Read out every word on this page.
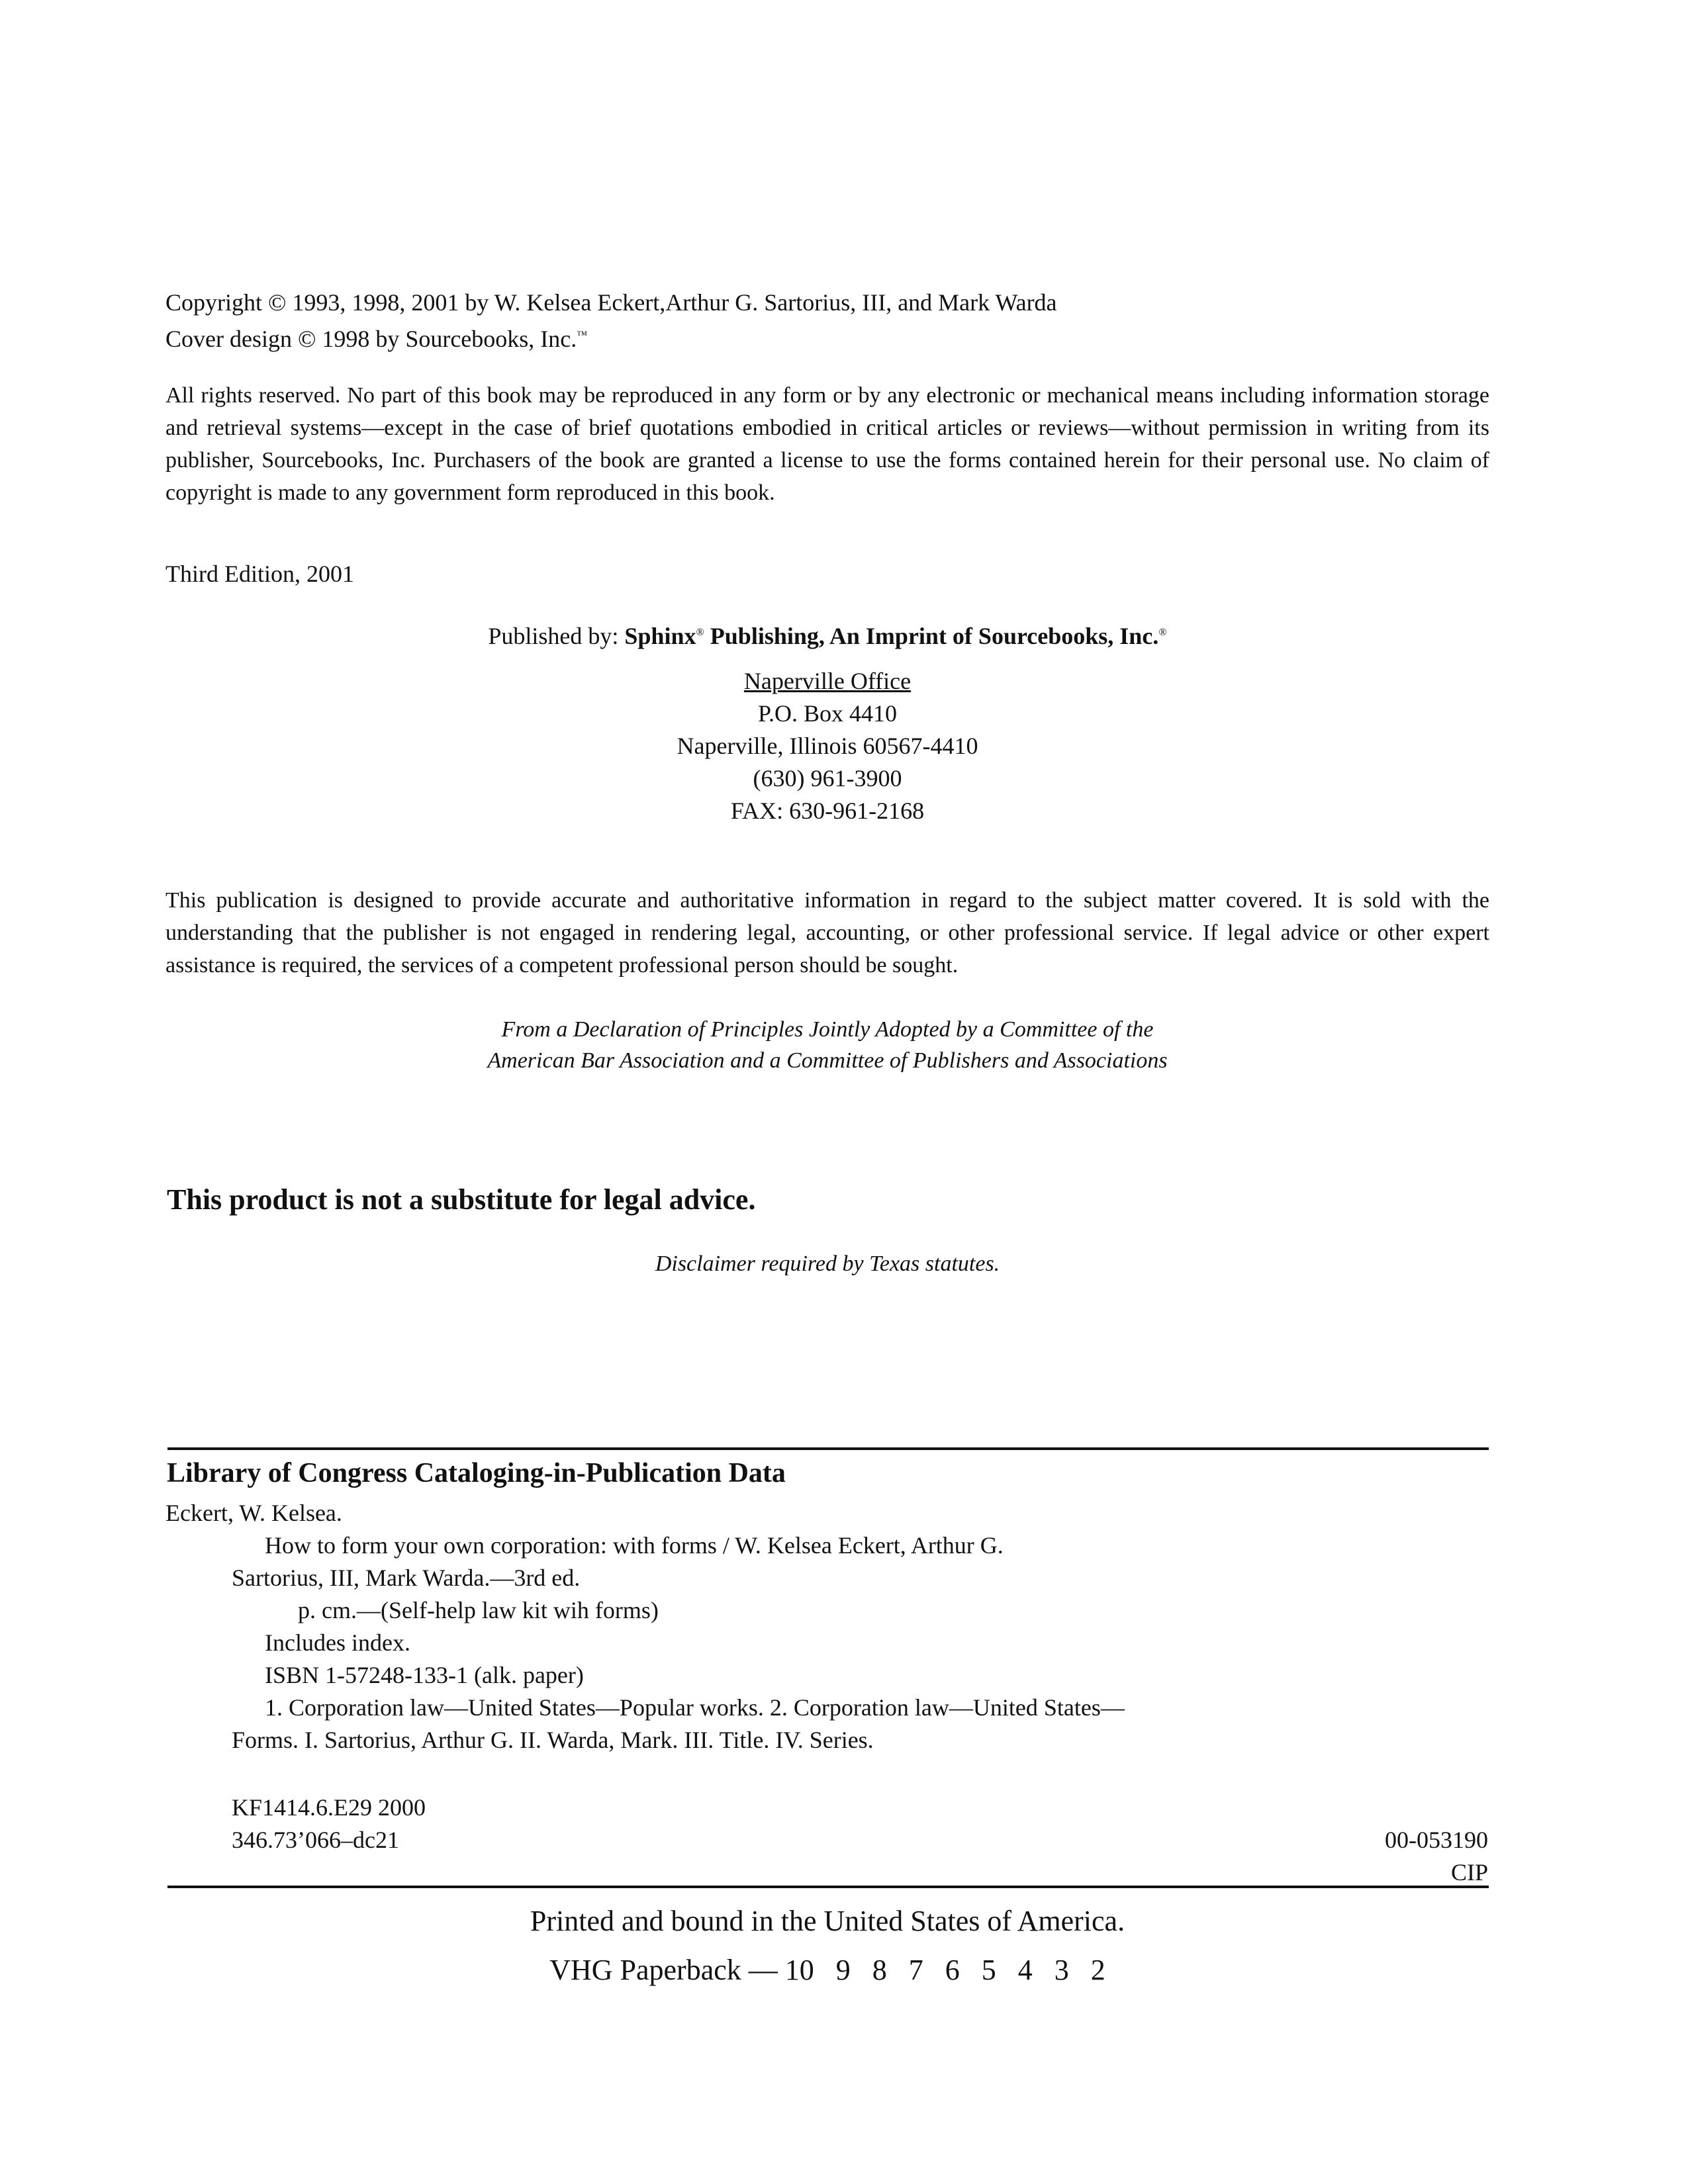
Copyright © 1993, 1998, 2001 by W. Kelsea Eckert,Arthur G. Sartorius, III, and Mark Warda
Cover design © 1998 by Sourcebooks, Inc.™
All rights reserved. No part of this book may be reproduced in any form or by any electronic or mechanical means including information storage and retrieval systems—except in the case of brief quotations embodied in critical articles or reviews—without permission in writing from its publisher, Sourcebooks, Inc. Purchasers of the book are granted a license to use the forms contained herein for their personal use. No claim of copyright is made to any government form reproduced in this book.
Third Edition, 2001
Published by: Sphinx® Publishing, An Imprint of Sourcebooks, Inc.®
Naperville Office
P.O. Box 4410
Naperville, Illinois 60567-4410
(630) 961-3900
FAX: 630-961-2168
This publication is designed to provide accurate and authoritative information in regard to the subject matter covered. It is sold with the understanding that the publisher is not engaged in rendering legal, accounting, or other professional service. If legal advice or other expert assistance is required, the services of a competent professional person should be sought.
From a Declaration of Principles Jointly Adopted by a Committee of the
American Bar Association and a Committee of Publishers and Associations
This product is not a substitute for legal advice.
Disclaimer required by Texas statutes.
Library of Congress Cataloging-in-Publication Data
Eckert, W. Kelsea.
How to form your own corporation: with forms / W. Kelsea Eckert, Arthur G.
Sartorius, III, Mark Warda.—3rd ed.
p. cm.—(Self-help law kit wih forms)
Includes index.
ISBN 1-57248-133-1 (alk. paper)
1. Corporation law—United States—Popular works. 2. Corporation law—United States—
Forms. I. Sartorius, Arthur G. II. Warda, Mark. III. Title. IV. Series.
KF1414.6.E29 2000
346.73’066–dc21	00-053190
CIP
Printed and bound in the United States of America.
VHG Paperback — 10   9   8   7   6   5   4   3   2
